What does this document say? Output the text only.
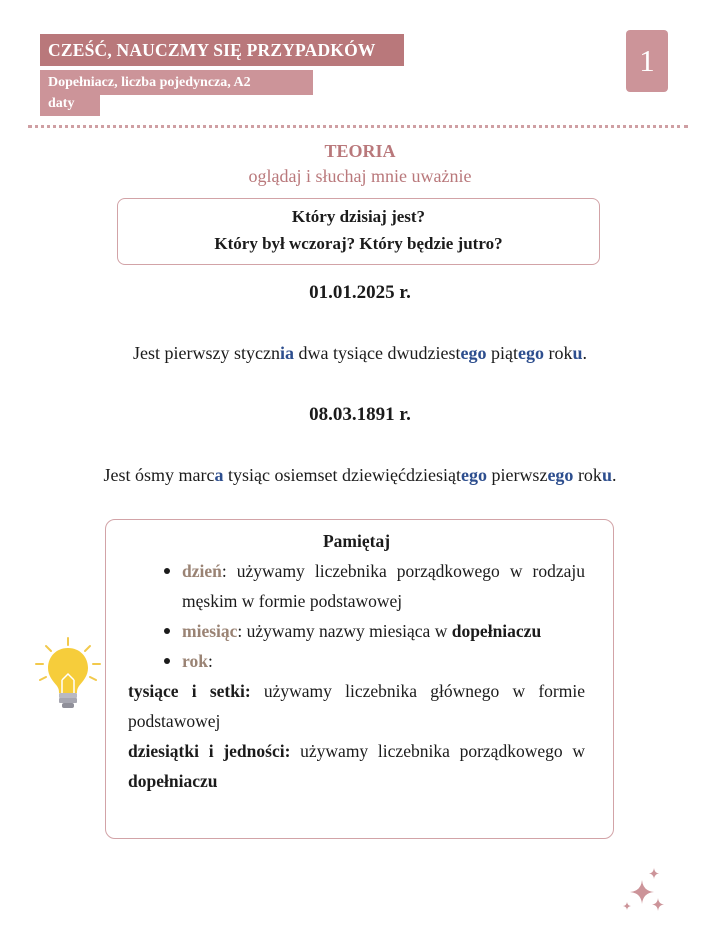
CZEŚĆ, NAUCZMY SIĘ PRZYPADKÓW
Dopełniacz, liczba pojedyncza, A2
daty
1
TEORIA
oglądaj i słuchaj mnie uważnie
Który dzisiaj jest?
Który był wczoraj? Który będzie jutro?
01.01.2025 r.
Jest pierwszy stycznia dwa tysiące dwudziestego piątego roku.
08.03.1891 r.
Jest ósmy marca tysiąc osiemset dziewięćdziesiątego pierwszego roku.
Pamiętaj
dzień: używamy liczebnika porządkowego w rodzaju męskim w formie podstawowej
miesiąc: używamy nazwy miesiąca w dopełniaczu
rok:
tysiące i setki: używamy liczebnika głównego w formie podstawowej
dziesiątki i jedności: używamy liczebnika porządkowego w dopełniaczu
